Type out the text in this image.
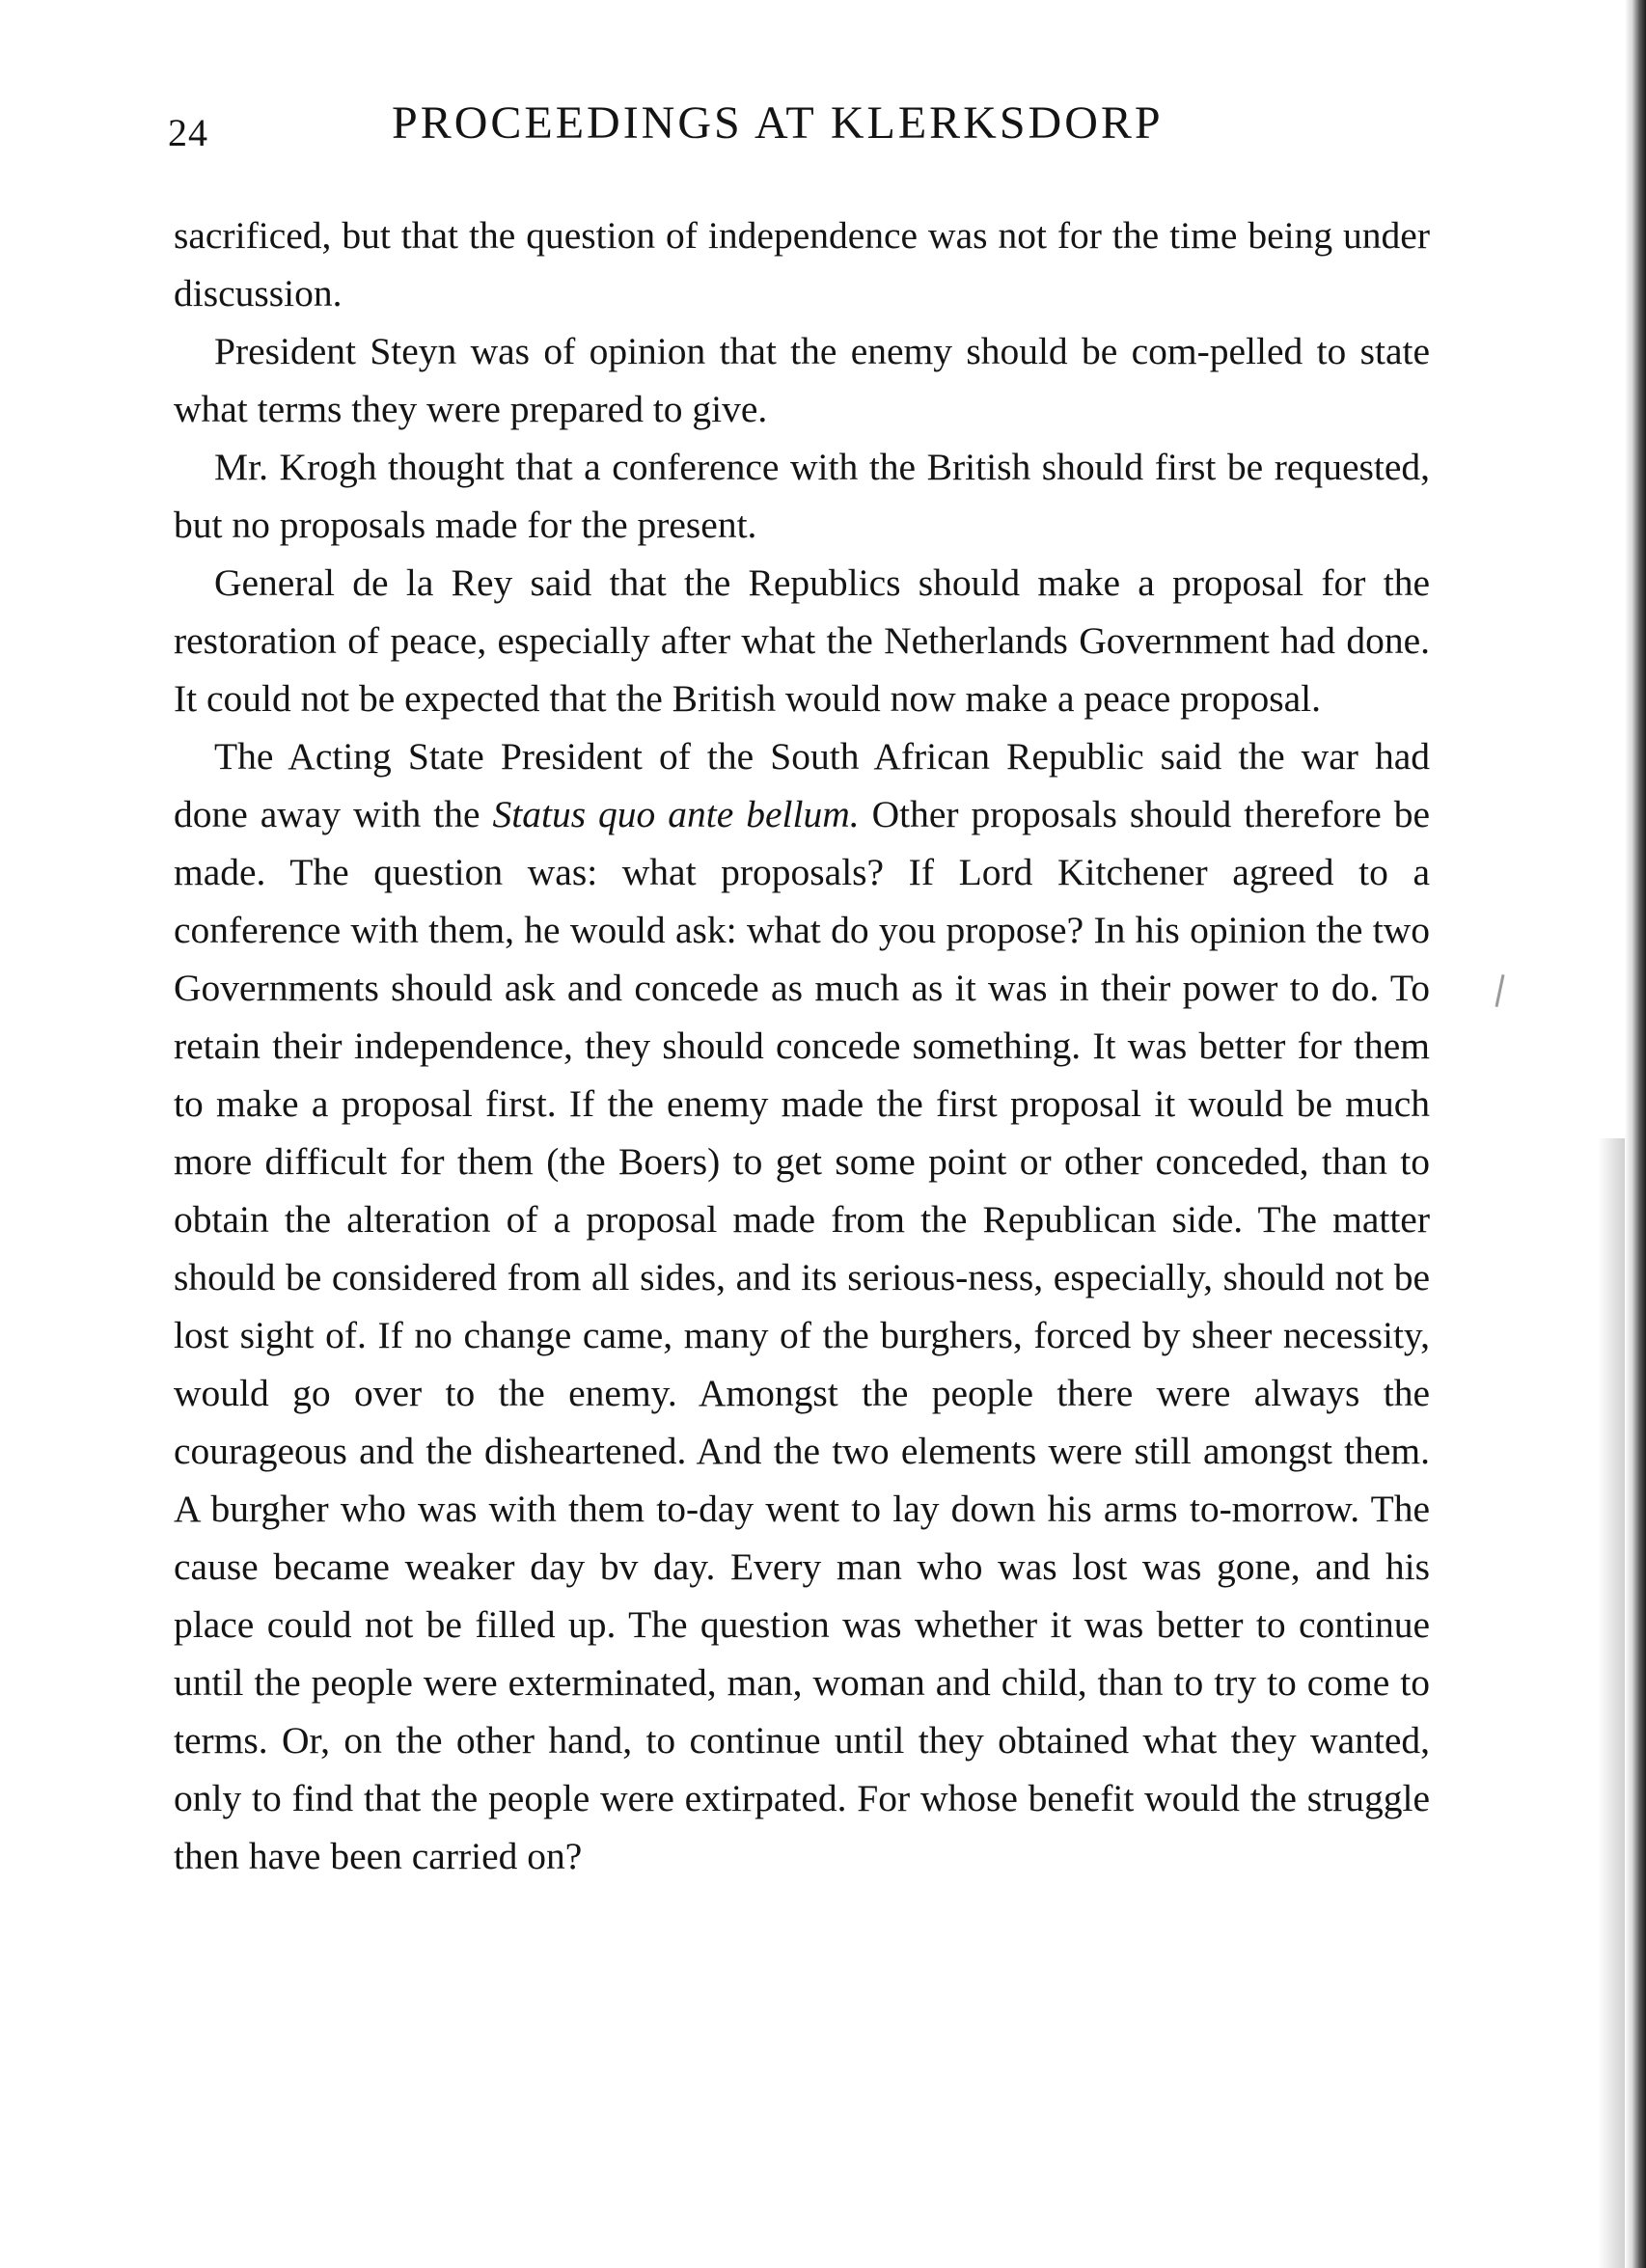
24	PROCEEDINGS AT KLERKSDORP

sacrificed, but that the question of independence was not for the time being under discussion.

President Steyn was of opinion that the enemy should be com-pelled to state what terms they were prepared to give.

Mr. Krogh thought that a conference with the British should first be requested, but no proposals made for the present.

General de la Rey said that the Republics should make a proposal for the restoration of peace, especially after what the Netherlands Government had done. It could not be expected that the British would now make a peace proposal.

The Acting State President of the South African Republic said the war had done away with the Status quo ante bellum. Other proposals should therefore be made. The question was: what proposals? If Lord Kitchener agreed to a conference with them, he would ask: what do you propose? In his opinion the two Governments should ask and concede as much as it was in their power to do. To retain their independence, they should concede something. It was better for them to make a proposal first. If the enemy made the first proposal it would be much more difficult for them (the Boers) to get some point or other conceded, than to obtain the alteration of a proposal made from the Republican side. The matter should be considered from all sides, and its serious-ness, especially, should not be lost sight of. If no change came, many of the burghers, forced by sheer necessity, would go over to the enemy. Amongst the people there were always the courageous and the disheartened. And the two elements were still amongst them. A burgher who was with them to-day went to lay down his arms to-morrow. The cause became weaker day bv day. Every man who was lost was gone, and his place could not be filled up. The question was whether it was better to continue until the people were exterminated, man, woman and child, than to try to come to terms. Or, on the other hand, to continue until they obtained what they wanted, only to find that the people were extirpated. For whose benefit would the struggle then have been carried on?
